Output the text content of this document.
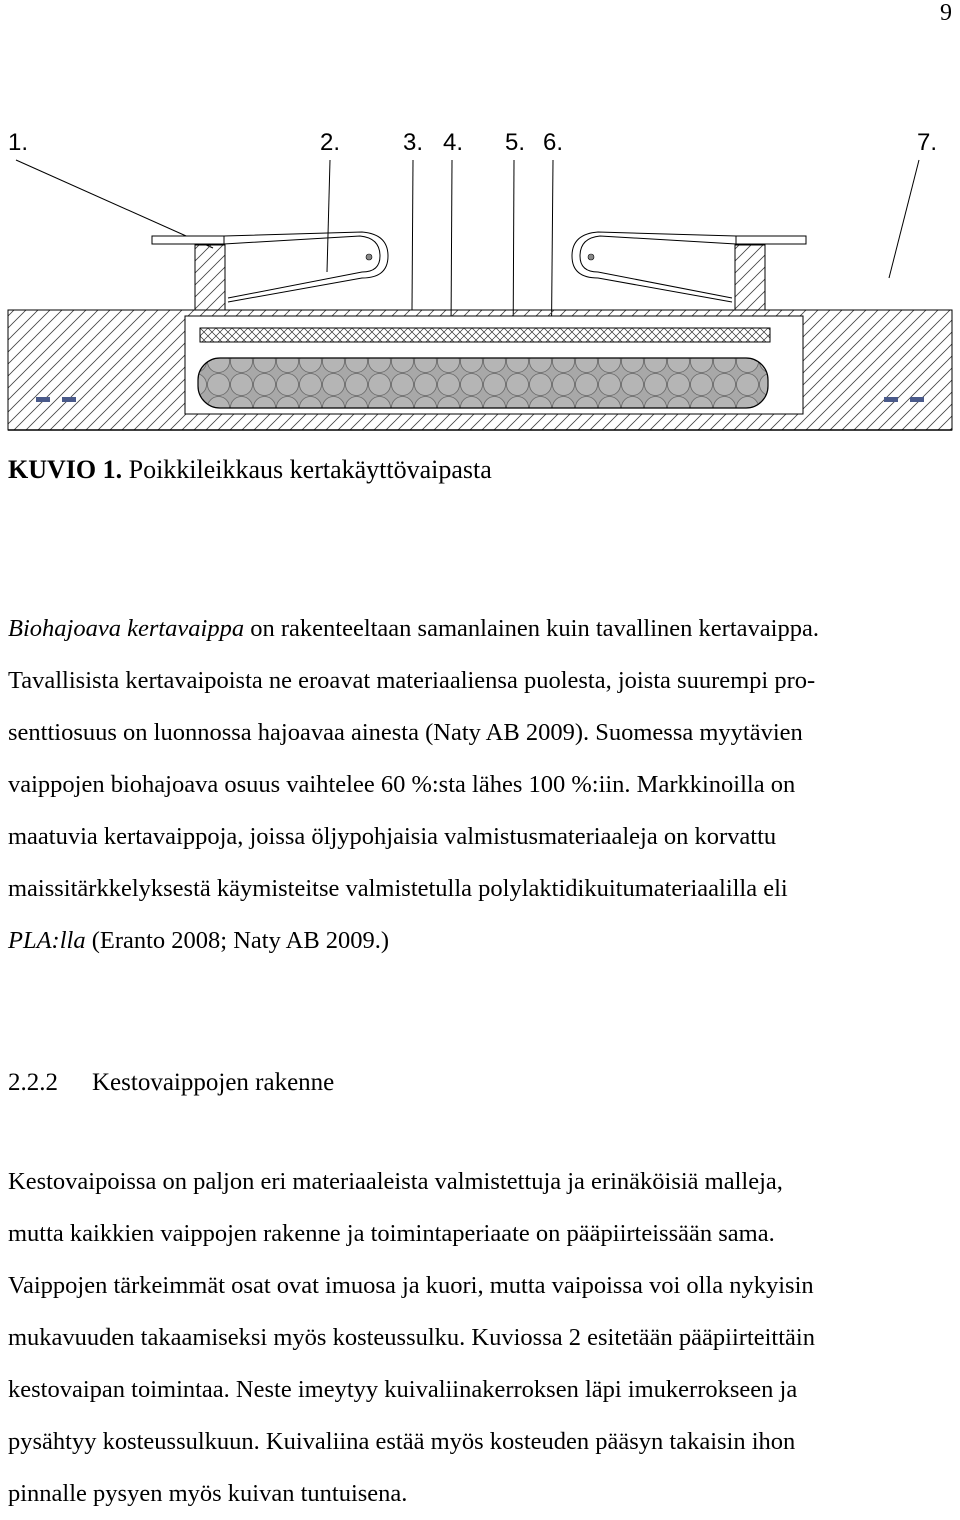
9
1.	2.	3. 4. 5. 6.	7.
KUVIO 1. Poikkileikkaus kertakäyttövaipasta

Biohajoava kertavaippa on rakenteeltaan samanlainen kuin tavallinen kertavaippa.
Tavallisista kertavaipoista ne eroavat materiaaliensa puolesta, joista suurempi pro-
senttiosuus on luonnossa hajoavaa ainesta (Naty AB 2009). Suomessa myytävien
vaippojen biohajoava osuus vaihtelee 60 %:sta lähes 100 %:iin. Markkinoilla on
maatuvia kertavaippoja, joissa öljypohjaisia valmistusmateriaaleja on korvattu
maissitärkkelyksestä käymisteitse valmistetulla polylaktidikuitumateriaalilla eli
PLA:lla (Eranto 2008; Naty AB 2009.)

2.2.2 Kestovaippojen rakenne

Kestovaipoissa on paljon eri materiaaleista valmistettuja ja erinäköisiä malleja,
mutta kaikkien vaippojen rakenne ja toimintaperiaate on pääpiirteissään sama.
Vaippojen tärkeimmät osat ovat imuosa ja kuori, mutta vaipoissa voi olla nykyisin
mukavuuden takaamiseksi myös kosteussulku. Kuviossa 2 esitetään pääpiirteittäin
kestovaipan toimintaa. Neste imeytyy kuivaliinakerroksen läpi imukerrokseen ja
pysähtyy kosteussulkuun. Kuivaliina estää myös kosteuden pääsyn takaisin ihon
pinnalle pysyen myös kuivan tuntuisena.
